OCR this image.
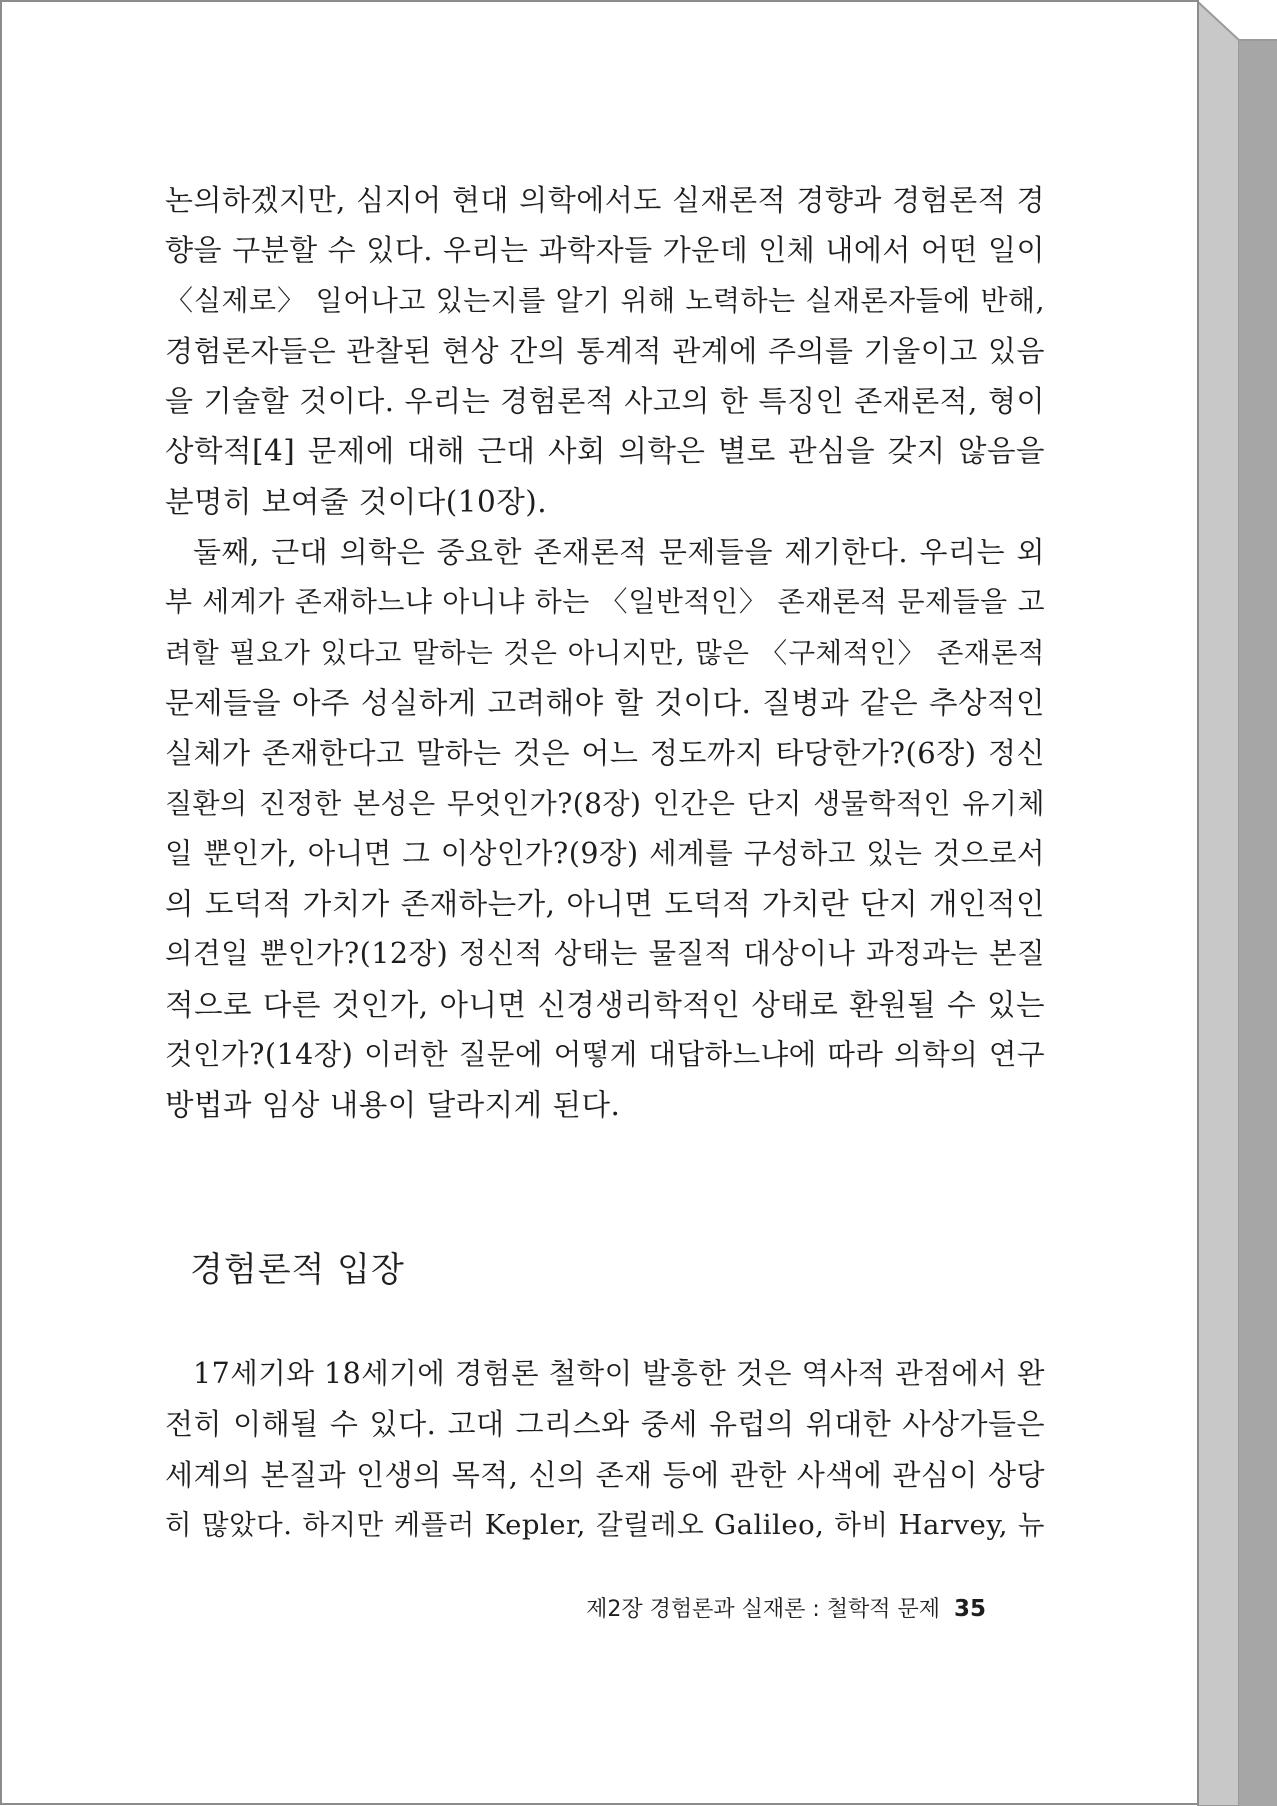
논의하겠지만, 심지어 현대 의학에서도 실재론적 경향과 경험론적 경
향을 구분할 수 있다. 우리는 과학자들 가운데 인체 내에서 어떤 일이
〈실제로〉 일어나고 있는지를 알기 위해 노력하는 실재론자들에 반해,
경험론자들은 관찰된 현상 간의 통계적 관계에 주의를 기울이고 있음
을 기술할 것이다. 우리는 경험론적 사고의 한 특징인 존재론적, 형이
상학적[4] 문제에 대해 근대 사회 의학은 별로 관심을 갖지 않음을
분명히 보여줄 것이다(10장).
둘째, 근대 의학은 중요한 존재론적 문제들을 제기한다. 우리는 외
부 세계가 존재하느냐 아니냐 하는 〈일반적인〉 존재론적 문제들을 고
려할 필요가 있다고 말하는 것은 아니지만, 많은 〈구체적인〉 존재론적
문제들을 아주 성실하게 고려해야 할 것이다. 질병과 같은 추상적인
실체가 존재한다고 말하는 것은 어느 정도까지 타당한가?(6장) 정신
질환의 진정한 본성은 무엇인가?(8장) 인간은 단지 생물학적인 유기체
일 뿐인가, 아니면 그 이상인가?(9장) 세계를 구성하고 있는 것으로서
의 도덕적 가치가 존재하는가, 아니면 도덕적 가치란 단지 개인적인
의견일 뿐인가?(12장) 정신적 상태는 물질적 대상이나 과정과는 본질
적으로 다른 것인가, 아니면 신경생리학적인 상태로 환원될 수 있는
것인가?(14장) 이러한 질문에 어떻게 대답하느냐에 따라 의학의 연구
방법과 임상 내용이 달라지게 된다.
경험론적 입장
17세기와 18세기에 경험론 철학이 발흥한 것은 역사적 관점에서 완
전히 이해될 수 있다. 고대 그리스와 중세 유럽의 위대한 사상가들은
세계의 본질과 인생의 목적, 신의 존재 등에 관한 사색에 관심이 상당
히 많았다. 하지만 케플러 Kepler, 갈릴레오 Galileo, 하비 Harvey, 뉴
제2장 경험론과 실재론 : 철학적 문제 35
